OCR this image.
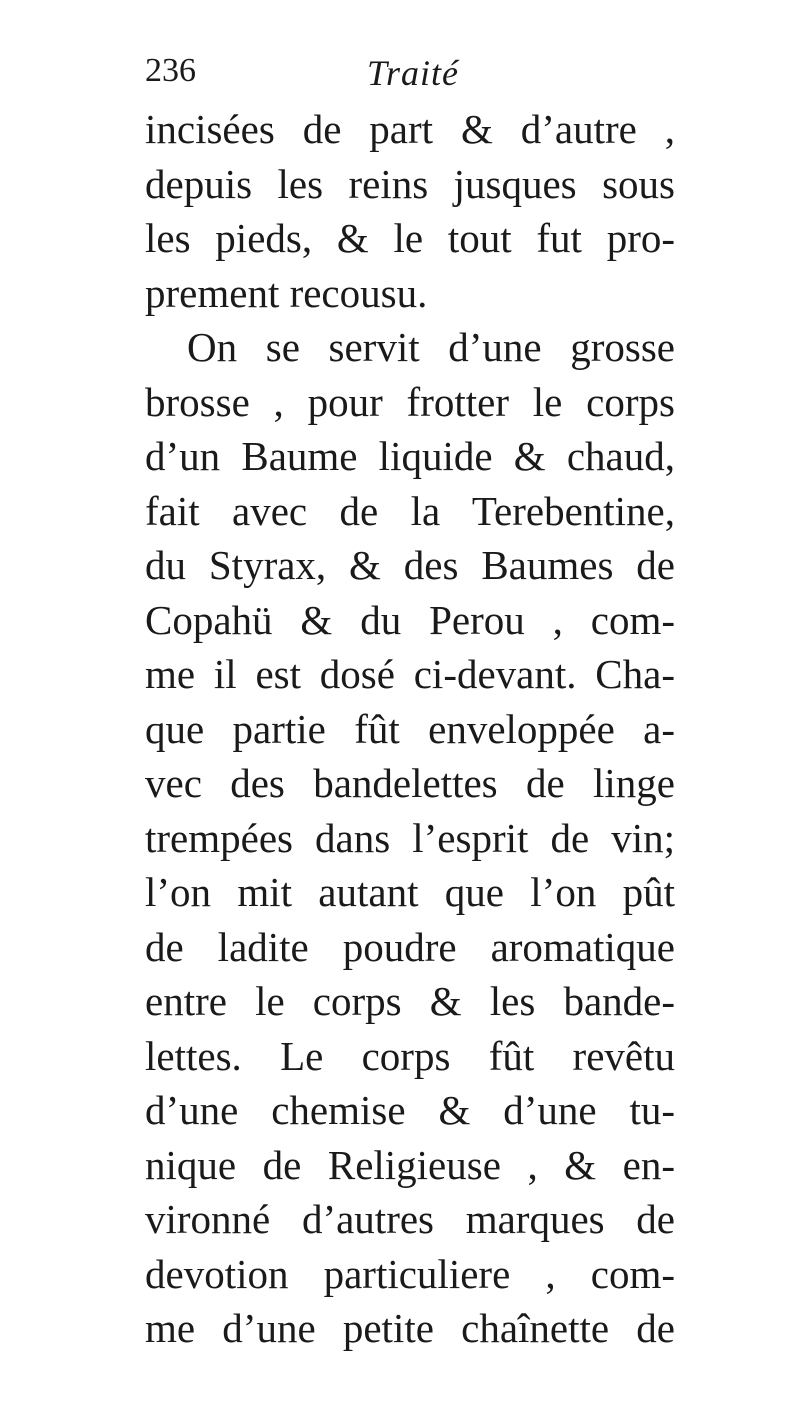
236	Traité
incisées de part & d’autre ,
depuis les reins jusques sous
les pieds, & le tout fut pro-
prement recousu.
On se servit d’une grosse
brosse , pour frotter le corps
d’un Baume liquide & chaud,
fait avec de la Terebentine,
du Styrax, & des Baumes de
Copahü & du Perou , com-
me il est dosé ci-devant. Cha-
que partie fût enveloppée a-
vec des bandelettes de linge
trempées dans l’esprit de vin;
l’on mit autant que l’on pût
de ladite poudre aromatique
entre le corps & les bande-
lettes. Le corps fût revêtu
d’une chemise & d’une tu-
nique de Religieuse , & en-
vironné d’autres marques de
devotion particuliere , com-
me d’une petite chaînette de
